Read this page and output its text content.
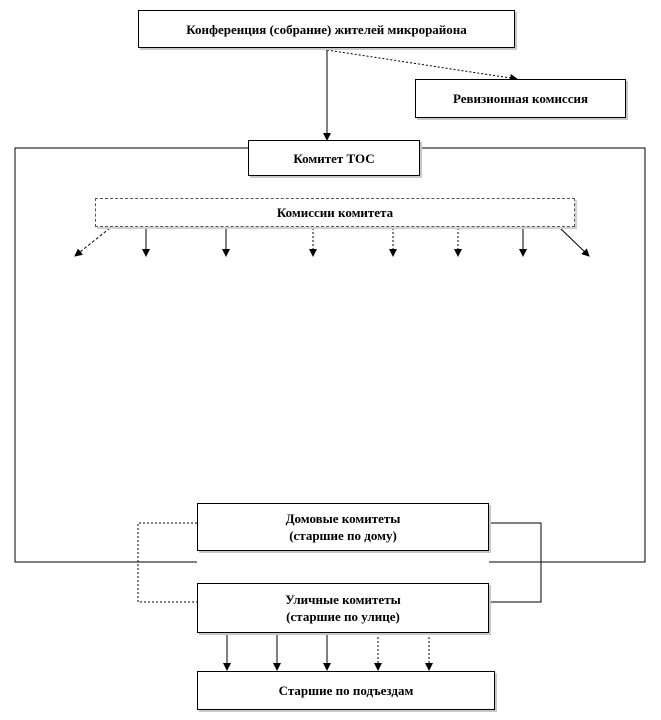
Конференция (собрание) жителей микрорайона
Ревизионная комиссия
Комитет ТОС
Комиссии комитета
Домовые комитеты
(старшие по дому)
Уличные комитеты
(старшие по улице)
Старшие по подъездам
